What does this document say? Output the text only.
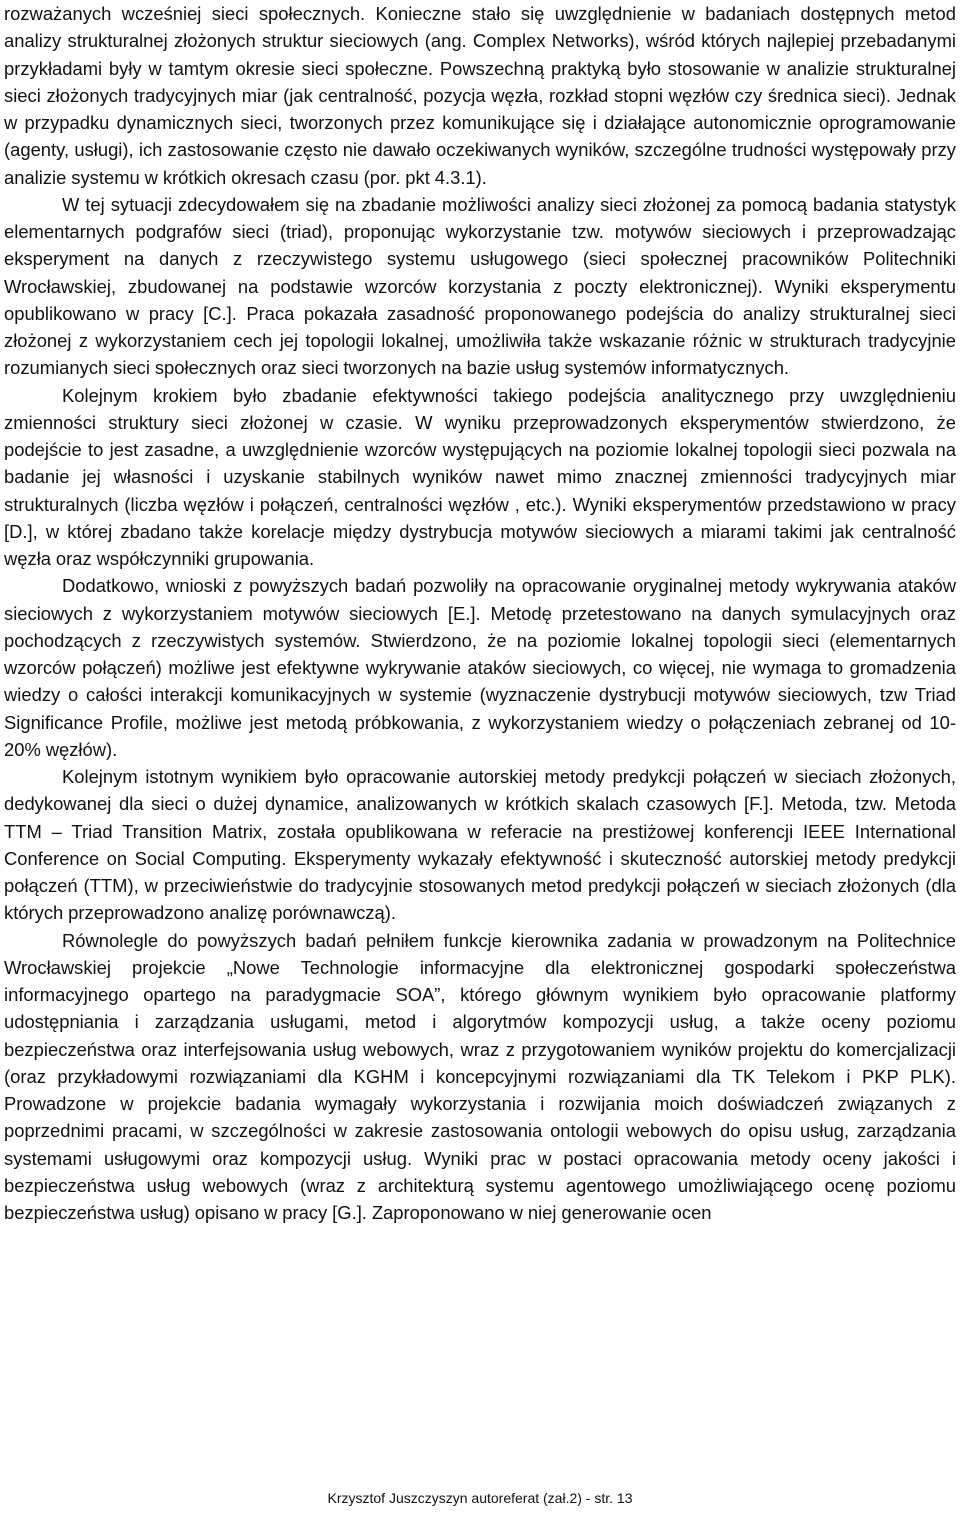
rozważanych wcześniej sieci społecznych. Konieczne stało się uwzględnienie w badaniach dostępnych metod analizy strukturalnej złożonych struktur sieciowych (ang. Complex Networks), wśród których najlepiej przebadanymi przykładami były w tamtym okresie sieci społeczne. Powszechną praktyką było stosowanie w analizie strukturalnej sieci złożonych tradycyjnych miar (jak centralność, pozycja węzła, rozkład stopni węzłów czy średnica sieci). Jednak w przypadku dynamicznych sieci, tworzonych przez komunikujące się i działające autonomicznie oprogramowanie (agenty, usługi), ich zastosowanie często nie dawało oczekiwanych wyników, szczególne trudności występowały przy analizie systemu w krótkich okresach czasu (por. pkt 4.3.1).

W tej sytuacji zdecydowałem się na zbadanie możliwości analizy sieci złożonej za pomocą badania statystyk elementarnych podgrafów sieci (triad), proponując wykorzystanie tzw. motywów sieciowych i przeprowadzając eksperyment na danych z rzeczywistego systemu usługowego (sieci społecznej pracowników Politechniki Wrocławskiej, zbudowanej na podstawie wzorców korzystania z poczty elektronicznej). Wyniki eksperymentu opublikowano w pracy [C.]. Praca pokazała zasadność proponowanego podejścia do analizy strukturalnej sieci złożonej z wykorzystaniem cech jej topologii lokalnej, umożliwiła także wskazanie różnic w strukturach tradycyjnie rozumianych sieci społecznych oraz sieci tworzonych na bazie usług systemów informatycznych.

Kolejnym krokiem było zbadanie efektywności takiego podejścia analitycznego przy uwzględnieniu zmienności struktury sieci złożonej w czasie. W wyniku przeprowadzonych eksperymentów stwierdzono, że podejście to jest zasadne, a uwzględnienie wzorców występujących na poziomie lokalnej topologii sieci pozwala na badanie jej własności i uzyskanie stabilnych wyników nawet mimo znacznej zmienności tradycyjnych miar strukturalnych (liczba węzłów i połączeń, centralności węzłów , etc.). Wyniki eksperymentów przedstawiono w pracy [D.], w której zbadano także korelacje między dystrybucja motywów sieciowych a miarami takimi jak centralność węzła oraz współczynniki grupowania.

Dodatkowo, wnioski z powyższych badań pozwoliły na opracowanie oryginalnej metody wykrywania ataków sieciowych z wykorzystaniem motywów sieciowych [E.]. Metodę przetestowano na danych symulacyjnych oraz pochodzących z rzeczywistych systemów. Stwierdzono, że na poziomie lokalnej topologii sieci (elementarnych wzorców połączeń) możliwe jest efektywne wykrywanie ataków sieciowych, co więcej, nie wymaga to gromadzenia wiedzy o całości interakcji komunikacyjnych w systemie (wyznaczenie dystrybucji motywów sieciowych, tzw Triad Significance Profile, możliwe jest metodą próbkowania, z wykorzystaniem wiedzy o połączeniach zebranej od 10-20% węzłów).

Kolejnym istotnym wynikiem było opracowanie autorskiej metody predykcji połączeń w sieciach złożonych, dedykowanej dla sieci o dużej dynamice, analizowanych w krótkich skalach czasowych [F.]. Metoda, tzw. Metoda TTM – Triad Transition Matrix, została opublikowana w referacie na prestiżowej konferencji IEEE International Conference on Social Computing. Eksperymenty wykazały efektywność i skuteczność autorskiej metody predykcji połączeń (TTM), w przeciwieństwie do tradycyjnie stosowanych metod predykcji połączeń w sieciach złożonych (dla których przeprowadzono analizę porównawczą).

Równolegle do powyższych badań pełniłem funkcje kierownika zadania w prowadzonym na Politechnice Wrocławskiej projekcie „Nowe Technologie informacyjne dla elektronicznej gospodarki społeczeństwa informacyjnego opartego na paradygmacie SOA”, którego głównym wynikiem było opracowanie platformy udostępniania i zarządzania usługami, metod i algorytmów kompozycji usług, a także oceny poziomu bezpieczeństwa oraz interfejsowania usług webowych, wraz z przygotowaniem wyników projektu do komercjalizacji (oraz przykładowymi rozwiązaniami dla KGHM i koncepcyjnymi rozwiązaniami dla TK Telekom i PKP PLK). Prowadzone w projekcie badania wymagały wykorzystania i rozwijania moich doświadczeń związanych z poprzednimi pracami, w szczególności w zakresie zastosowania ontologii webowych do opisu usług, zarządzania systemami usługowymi oraz kompozycji usług. Wyniki prac w postaci opracowania metody oceny jakości i bezpieczeństwa usług webowych (wraz z architekturą systemu agentowego umożliwiającego ocenę poziomu bezpieczeństwa usług) opisano w pracy [G.]. Zaproponowano w niej generowanie ocen

Krzysztof Juszczyszyn autoreferat (zał.2) - str. 13
